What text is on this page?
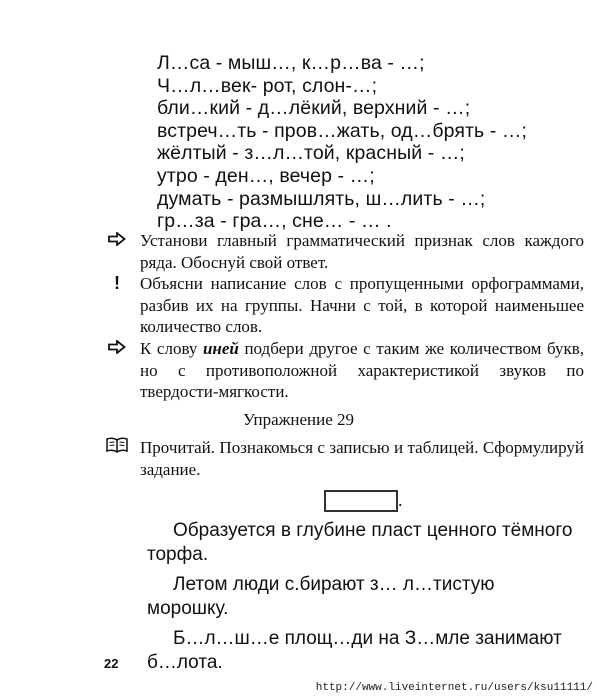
Л…са - мыш…, к…р…ва - …;
Ч…л…век- рот, слон-…;
бли…кий - д…лёкий, верхний - …;
встреч…ть - пров…жать, од…брять - …;
жёлтый - з…л…той, красный - …;
утро - ден…, вечер - …;
думать - размышлять, ш…лить - …;
гр…за - гра…, сне… - … .
Установи главный грамматический признак слов каждого ряда. Обоснуй свой ответ.
!	Объясни написание слов с пропущенными орфограммами, разбив их на группы. Начни с той, в которой наименьшее количество слов.
К слову иней подбери другое с таким же количеством букв, но с противоположной характеристикой звуков по твердости-мягкости.
Упражнение 29
Прочитай. Познакомься с записью и таблицей. Сформулируй задание.
.

Образуется в глубине пласт ценного тёмного торфа.

Летом люди с.бирают з… л…тистую морошку.

Б…л…ш…е площ…ди на З…мле занимают б…лота.

22
http://www.liveinternet.ru/users/ksu11111/
